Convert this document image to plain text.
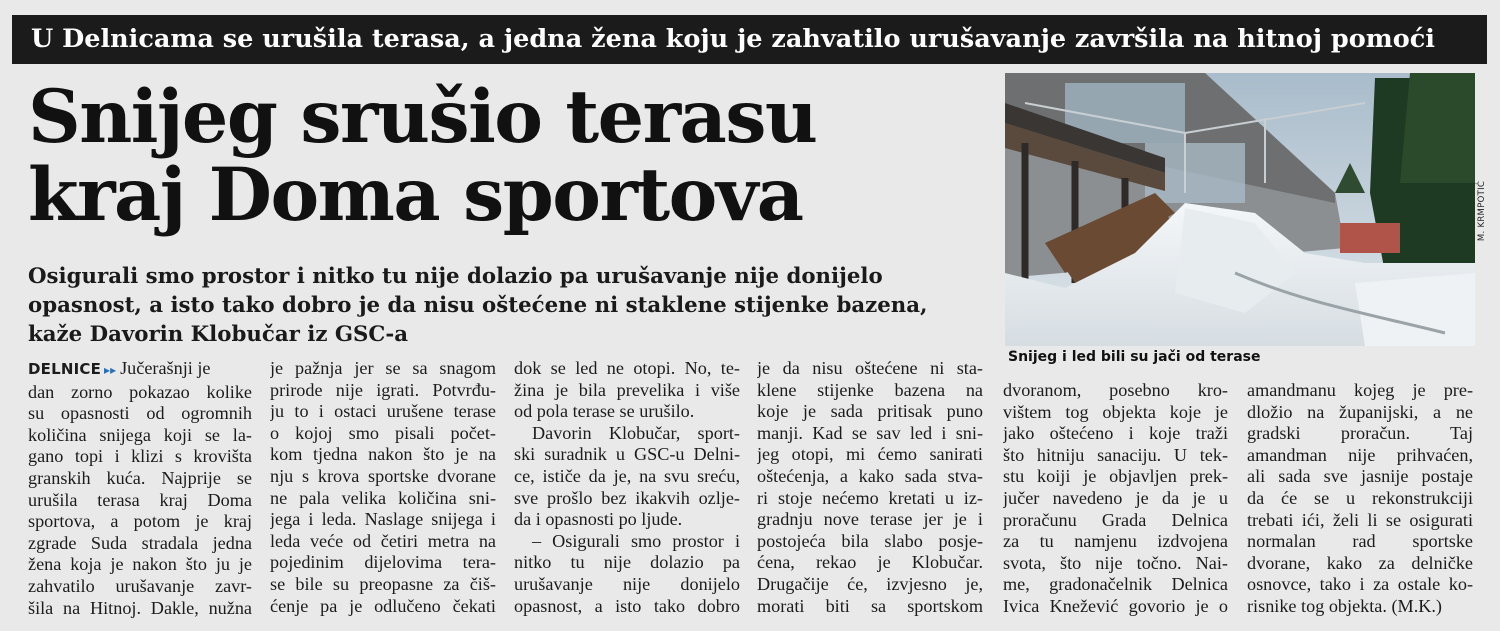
U Delnicama se urušila terasa, a jedna žena koju je zahvatilo urušavanje završila na hitnoj pomoći
Snijeg srušio terasu
kraj Doma sportova
Osigurali smo prostor i nitko tu nije dolazio pa urušavanje nije donijelo
opasnost, a isto tako dobro je da nisu oštećene ni staklene stijenke bazena,
kaže Davorin Klobučar iz GSC-a
M. KRMPOTIĆ
Snijeg i led bili su jači od terase
DELNICE ▸▸ Jučerašnji je
dan zorno pokazao kolike
su opasnosti od ogromnih
količina snijega koji se la-
gano topi i klizi s krovišta
granskih kuća. Najprije se
urušila terasa kraj Doma
sportova, a potom je kraj
zgrade Suda stradala jedna
žena koja je nakon što ju je
zahvatilo urušavanje zavr-
šila na Hitnoj. Dakle, nužna
je pažnja jer se sa snagom
prirode nije igrati. Potvrđu-
ju to i ostaci urušene terase
o kojoj smo pisali počet-
kom tjedna nakon što je na
nju s krova sportske dvorane
ne pala velika količina sni-
jega i leda. Naslage snijega i
leda veće od četiri metra na
pojedinim dijelovima tera-
se bile su preopasne za čiš-
ćenje pa je odlučeno čekati
dok se led ne otopi. No, te-
žina je bila prevelika i više
od pola terase se urušilo.
Davorin Klobučar, sport-
ski suradnik u GSC-u Delni-
ce, ističe da je, na svu sreću,
sve prošlo bez ikakvih ozlje-
da i opasnosti po ljude.
– Osigurali smo prostor i
nitko tu nije dolazio pa
urušavanje nije donijelo
opasnost, a isto tako dobro
je da nisu oštećene ni sta-
klene stijenke bazena na
koje je sada pritisak puno
manji. Kad se sav led i sni-
jeg otopi, mi ćemo sanirati
oštećenja, a kako sada stva-
ri stoje nećemo kretati u iz-
gradnju nove terase jer je i
postojeća bila slabo posje-
ćena, rekao je Klobučar.
Drugačije će, izvjesno je,
morati biti sa sportskom
dvoranom, posebno kro-
vištem tog objekta koje je
jako oštećeno i koje traži
što hitniju sanaciju. U tek-
stu koiji je objavljen prek-
jučer navedeno je da je u
proračunu Grada Delnica
za tu namjenu izdvojena
svota, što nije točno. Nai-
me, gradonačelnik Delnica
Ivica Knežević govorio je o
amandmanu kojeg je pre-
dložio na županijski, a ne
gradski proračun. Taj
amandman nije prihvaćen,
ali sada sve jasnije postaje
da će se u rekonstrukciji
trebati ići, želi li se osigurati
normalan rad sportske
dvorane, kako za delničke
osnovce, tako i za ostale ko-
risnike tog objekta. (M.K.)
